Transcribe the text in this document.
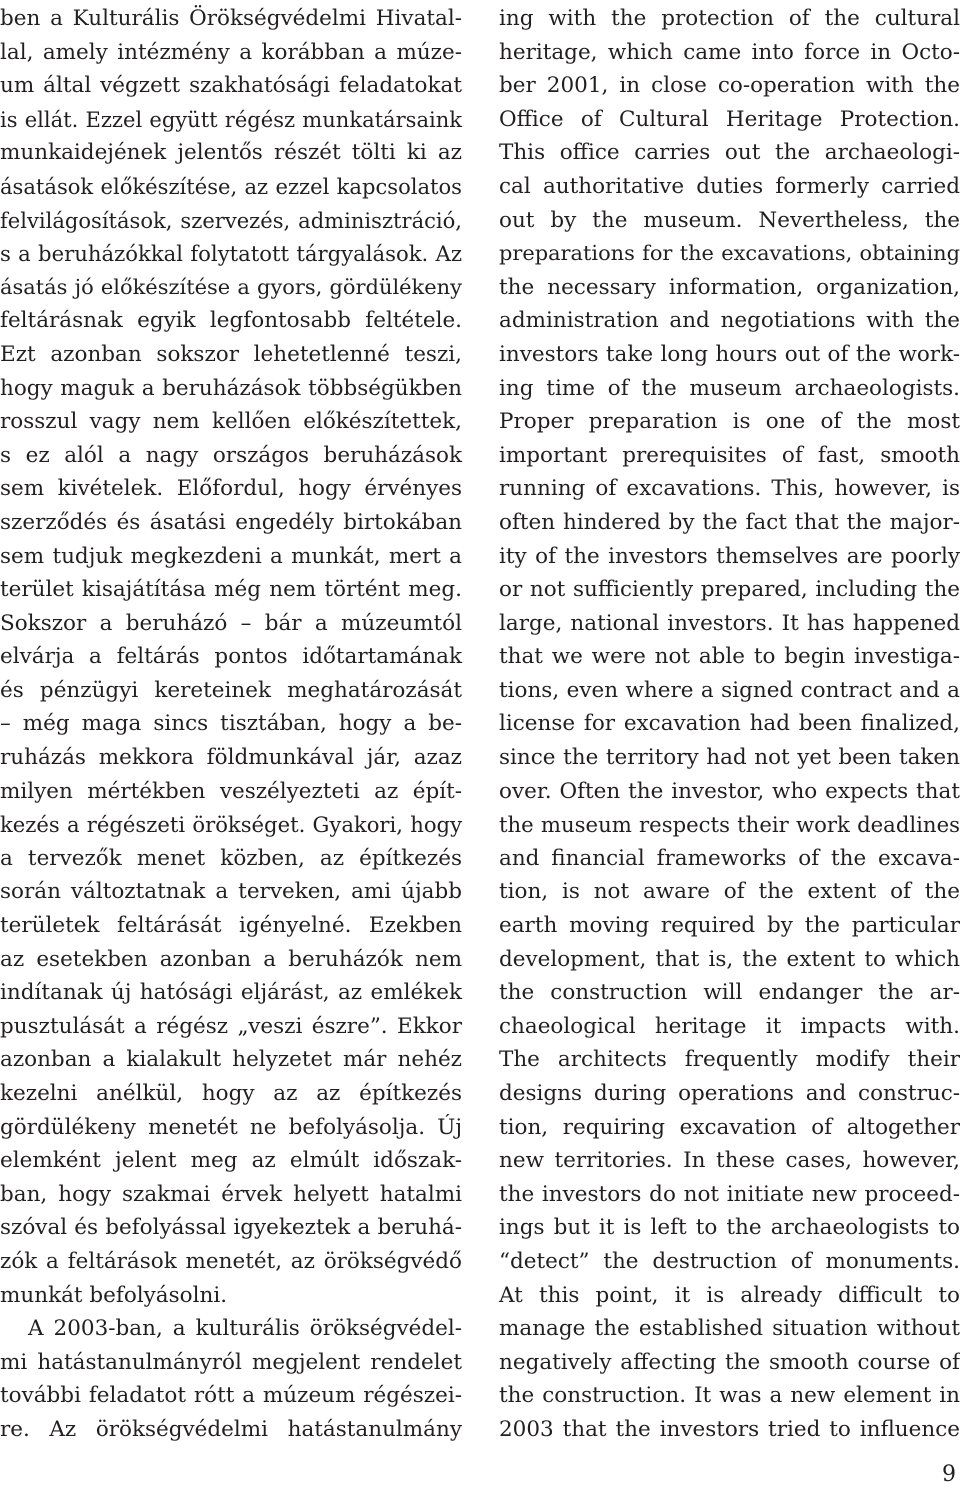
ben a Kulturális Örökségvédelmi Hivatal-
lal, amely intézmény a korábban a múze-
um által végzett szakhatósági feladatokat
is ellát. Ezzel együtt régész munkatársaink
munkaidejének jelentős részét tölti ki az
ásatások előkészítése, az ezzel kapcsolatos
felvilágosítások, szervezés, adminisztráció,
s a beruházókkal folytatott tárgyalások. Az
ásatás jó előkészítése a gyors, gördülékeny
feltárásnak egyik legfontosabb feltétele.
Ezt azonban sokszor lehetetlenné teszi,
hogy maguk a beruházások többségükben
rosszul vagy nem kellően előkészítettek,
s ez alól a nagy országos beruházások
sem kivételek. Előfordul, hogy érvényes
szerződés és ásatási engedély birtokában
sem tudjuk megkezdeni a munkát, mert a
terület kisajátítása még nem történt meg.
Sokszor a beruházó – bár a múzeumtól
elvárja a feltárás pontos időtartamának
és pénzügyi kereteinek meghatározását
– még maga sincs tisztában, hogy a be-
ruházás mekkora földmunkával jár, azaz
milyen mértékben veszélyezteti az épít-
kezés a régészeti örökséget. Gyakori, hogy
a tervezők menet közben, az építkezés
során változtatnak a terveken, ami újabb
területek feltárását igényelné. Ezekben
az esetekben azonban a beruházók nem
indítanak új hatósági eljárást, az emlékek
pusztulását a régész „veszi észre”. Ekkor
azonban a kialakult helyzetet már nehéz
kezelni anélkül, hogy az az építkezés
gördülékeny menetét ne befolyásolja. Új
elemként jelent meg az elmúlt időszak-
ban, hogy szakmai érvek helyett hatalmi
szóval és befolyással igyekeztek a beruhá-
zók a feltárások menetét, az örökségvédő
munkát befolyásolni.
A 2003-ban, a kulturális örökségvédel-
mi hatástanulmányról megjelent rendelet
további feladatot rótt a múzeum régészei-
re. Az örökségvédelmi hatástanulmány
ing with the protection of the cultural
heritage, which came into force in Octo-
ber 2001, in close co-operation with the
Office of Cultural Heritage Protection.
This office carries out the archaeologi-
cal authoritative duties formerly carried
out by the museum. Nevertheless, the
preparations for the excavations, obtaining
the necessary information, organization,
administration and negotiations with the
investors take long hours out of the work-
ing time of the museum archaeologists.
Proper preparation is one of the most
important prerequisites of fast, smooth
running of excavations. This, however, is
often hindered by the fact that the major-
ity of the investors themselves are poorly
or not sufficiently prepared, including the
large, national investors. It has happened
that we were not able to begin investiga-
tions, even where a signed contract and a
license for excavation had been finalized,
since the territory had not yet been taken
over. Often the investor, who expects that
the museum respects their work deadlines
and financial frameworks of the excava-
tion, is not aware of the extent of the
earth moving required by the particular
development, that is, the extent to which
the construction will endanger the ar-
chaeological heritage it impacts with.
The architects frequently modify their
designs during operations and construc-
tion, requiring excavation of altogether
new territories. In these cases, however,
the investors do not initiate new proceed-
ings but it is left to the archaeologists to
“detect” the destruction of monuments.
At this point, it is already difficult to
manage the established situation without
negatively affecting the smooth course of
the construction. It was a new element in
2003 that the investors tried to influence
9
